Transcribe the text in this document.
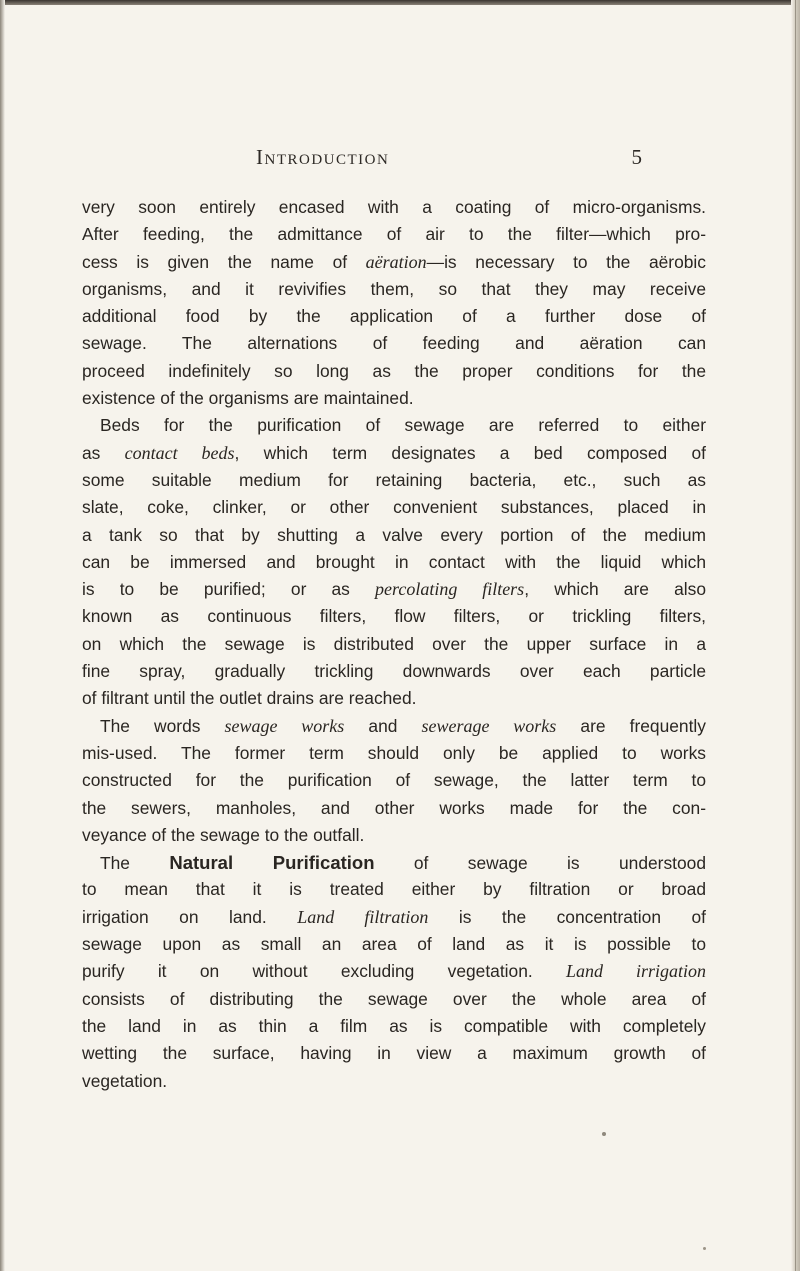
Introduction	5
very soon entirely encased with a coating of micro-organisms.
After feeding, the admittance of air to the filter—which pro-
cess is given the name of aëration—is necessary to the aërobic
organisms, and it revivifies them, so that they may receive
additional food by the application of a further dose of
sewage. The alternations of feeding and aëration can
proceed indefinitely so long as the proper conditions for the
existence of the organisms are maintained.
Beds for the purification of sewage are referred to either
as contact beds, which term designates a bed composed of
some suitable medium for retaining bacteria, etc., such as
slate, coke, clinker, or other convenient substances, placed in
a tank so that by shutting a valve every portion of the medium
can be immersed and brought in contact with the liquid which
is to be purified; or as percolating filters, which are also
known as continuous filters, flow filters, or trickling filters,
on which the sewage is distributed over the upper surface in a
fine spray, gradually trickling downwards over each particle
of filtrant until the outlet drains are reached.
The words sewage works and sewerage works are frequently
mis-used. The former term should only be applied to works
constructed for the purification of sewage, the latter term to
the sewers, manholes, and other works made for the con-
veyance of the sewage to the outfall.
The Natural Purification of sewage is understood
to mean that it is treated either by filtration or broad
irrigation on land. Land filtration is the concentration of
sewage upon as small an area of land as it is possible to
purify it on without excluding vegetation. Land irrigation
consists of distributing the sewage over the whole area of
the land in as thin a film as is compatible with completely
wetting the surface, having in view a maximum growth of
vegetation.
